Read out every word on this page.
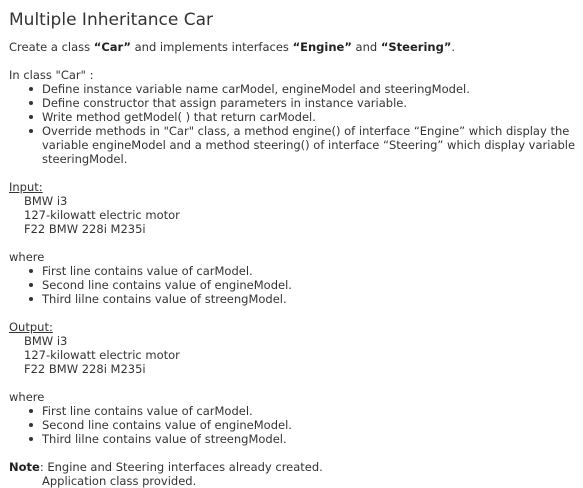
Multiple Inheritance Car

Create a class “Car” and implements interfaces “Engine” and “Steering”.

In class "Car" :

Define instance variable name carModel, engineModel and steeringModel.
Define constructor that assign parameters in instance variable.
Write method getModel( ) that return carModel.
Override methods in "Car" class, a method engine() of interface “Engine” which display the variable engineModel and a method steering() of interface “Steering” which display variable steeringModel.

Input:

BMW i3

127-kilowatt electric motor

F22 BMW 228i M235i

where

First line contains value of carModel.
Second line contains value of engineModel.
Third lilne contains value of streengModel.

Output:

BMW i3

127-kilowatt electric motor

F22 BMW 228i M235i

where

First line contains value of carModel.
Second line contains value of engineModel.
Third lilne contains value of streengModel.

Note: Engine and Steering interfaces already created.

Application class provided.
